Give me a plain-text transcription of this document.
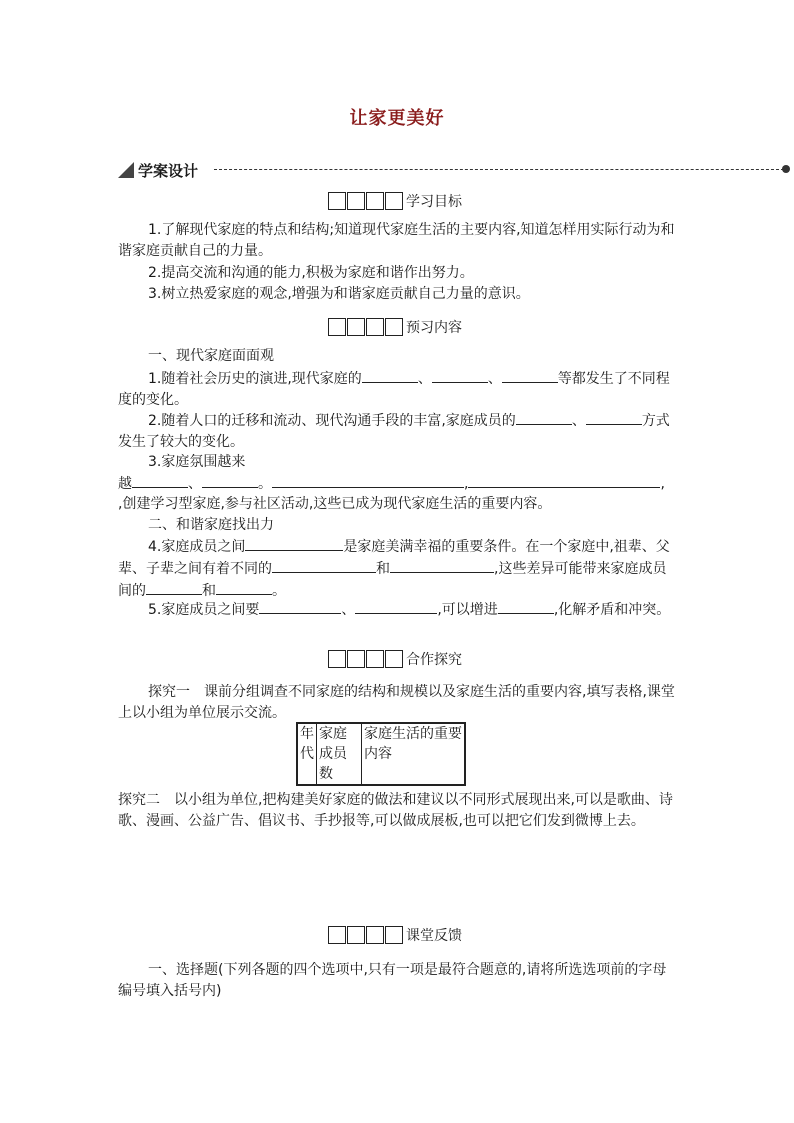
让家更美好
学案设计
学习目标
1.了解现代家庭的特点和结构;知道现代家庭生活的主要内容,知道怎样用实际行动为和谐家庭贡献自己的力量。
2.提高交流和沟通的能力,积极为家庭和谐作出努力。
3.树立热爱家庭的观念,增强为和谐家庭贡献自己力量的意识。
预习内容
一、现代家庭面面观
1.随着社会历史的演进,现代家庭的	、	、	等都发生了不同程度的变化。
2.随着人口的迁移和流动、现代沟通手段的丰富,家庭成员的	、	方式发生了较大的变化。
3.家庭氛围越来
越	、	。	,	,
,创建学习型家庭,参与社区活动,这些已成为现代家庭生活的重要内容。
二、和谐家庭找出力
4.家庭成员之间	是家庭美满幸福的重要条件。在一个家庭中,祖辈、父辈、子辈之间有着不同的	和	,这些差异可能带来家庭成员间的	和	。
5.家庭成员之间要	、	,可以增进	,化解矛盾和冲突。
合作探究
探究一　课前分组调查不同家庭的结构和规模以及家庭生活的重要内容,填写表格,课堂上以小组为单位展示交流。
年代	家庭成员数	家庭生活的重要内容
探究二　以小组为单位,把构建美好家庭的做法和建议以不同形式展现出来,可以是歌曲、诗歌、漫画、公益广告、倡议书、手抄报等,可以做成展板,也可以把它们发到微博上去。
课堂反馈
一、选择题(下列各题的四个选项中,只有一项是最符合题意的,请将所选选项前的字母编号填入括号内)
